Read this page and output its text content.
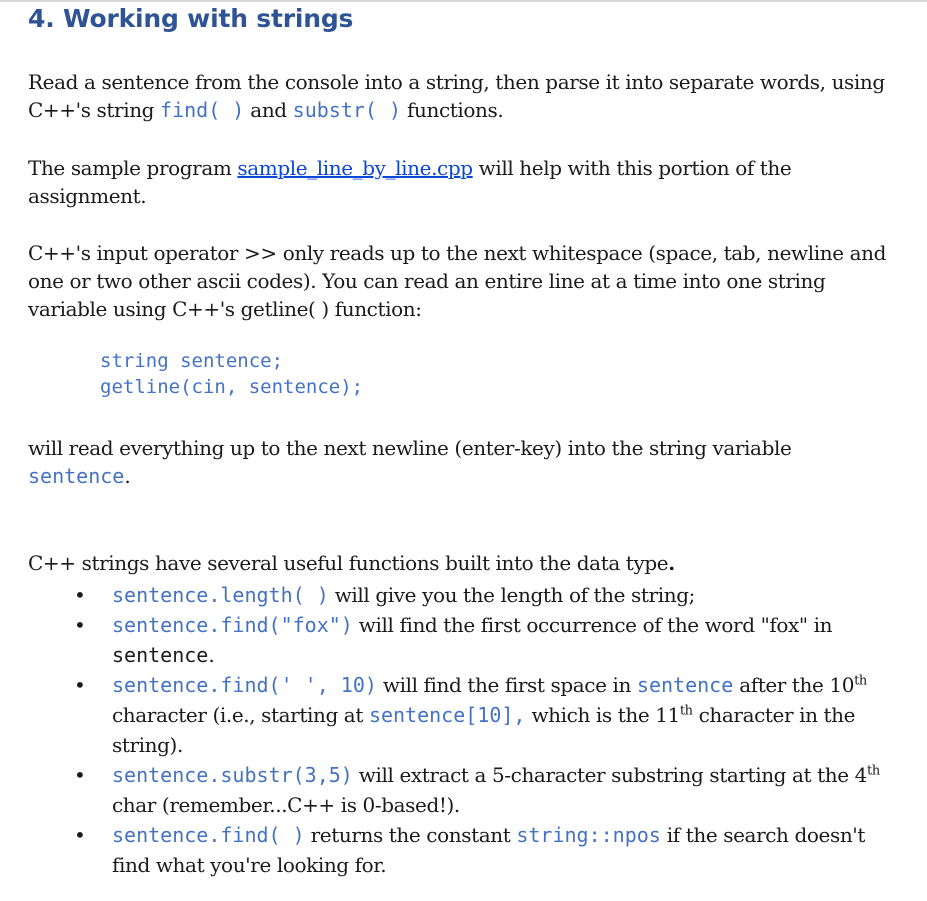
4. Working with strings

Read a sentence from the console into a string, then parse it into separate words, using C++'s string find( ) and substr( ) functions.

The sample program sample_line_by_line.cpp will help with this portion of the assignment.

C++'s input operator >> only reads up to the next whitespace (space, tab, newline and one or two other ascii codes). You can read an entire line at a time into one string variable using C++'s getline( ) function:

string sentence;
getline(cin, sentence);

will read everything up to the next newline (enter-key) into the string variable sentence.

C++ strings have several useful functions built into the data type.

• sentence.length( ) will give you the length of the string;
• sentence.find("fox") will find the first occurrence of the word "fox" in sentence.
• sentence.find(' ', 10) will find the first space in sentence after the 10th character (i.e., starting at sentence[10], which is the 11th character in the string).
• sentence.substr(3,5) will extract a 5-character substring starting at the 4th char (remember...C++ is 0-based!).
• sentence.find( ) returns the constant string::npos if the search doesn't find what you're looking for.
